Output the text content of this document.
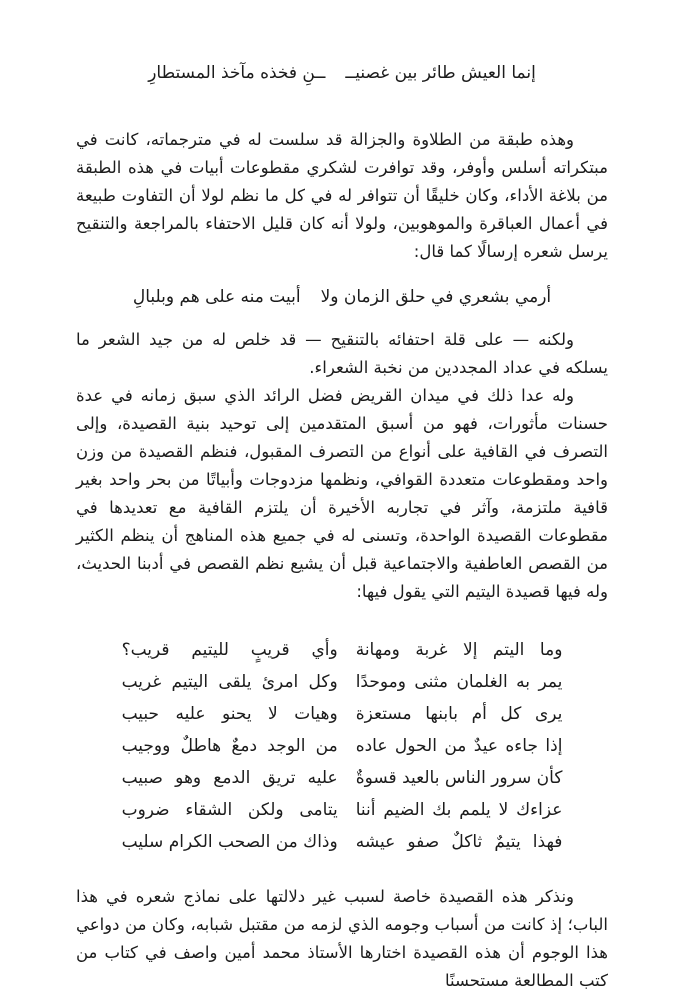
إنما العيش طائر بين غصنيــ	ــنِ فخذه مآخذ المستطارِ

وهذه طبقة من الطلاوة والجزالة قد سلست له في مترجماته، كانت في مبتكراته أسلس وأوفر، وقد توافرت لشكري مقطوعات أبيات في هذه الطبقة من بلاغة الأداء، وكان خليقًا أن تتوافر له في كل ما نظم لولا أن التفاوت طبيعة في أعمال العباقرة والموهوبين، ولولا أنه كان قليل الاحتفاء بالمراجعة والتنقيح يرسل شعره إرسالًا كما قال:

أرمي بشعري في حلق الزمان ولا	أبيت منه على هم وبلبالِ

ولكنه — على قلة احتفائه بالتنقيح — قد خلص له من جيد الشعر ما يسلكه في عداد المجددين من نخبة الشعراء.

وله عدا ذلك في ميدان القريض فضل الرائد الذي سبق زمانه في عدة حسنات مأثورات، فهو من أسبق المتقدمين إلى توحيد بنية القصيدة، وإلى التصرف في القافية على أنواع من التصرف المقبول، فنظم القصيدة من وزن واحد ومقطوعات متعددة القوافي، ونظمها مزدوجات وأبياتًا من بحر واحد بغير قافية ملتزمة، وآثر في تجاربه الأخيرة أن يلتزم القافية مع تعديدها في مقطوعات القصيدة الواحدة، وتسنى له في جميع هذه المناهج أن ينظم الكثير من القصص العاطفية والاجتماعية قبل أن يشيع نظم القصص في أدبنا الحديث، وله فيها قصيدة اليتيم التي يقول فيها:

وما اليتم إلا غربة ومهانة	وأي قريبٍ لليتيم قريب؟
يمر به الغلمان مثنى وموحدًا	وكل امرئ يلقى اليتيم غريب
يرى كل أم بابنها مستعزة	وهيات لا يحنو عليه حبيب
إذا جاءه عيدٌ من الحول عاده	من الوجد دمعٌ هاطلٌ ووجيب
كأن سرور الناس بالعيد قسوةٌ	عليه تريق الدمع وهو صبيب
عزاءك لا يلمم بك الضيم أننا	يتامى ولكن الشقاء ضروب
فهذا يتيمٌ ثاكلٌ صفو عيشه	وذاك من الصحب الكرام سليب

ونذكر هذه القصيدة خاصة لسبب غير دلالتها على نماذج شعره في هذا الباب؛ إذ كانت من أسباب وجومه الذي لزمه من مقتبل شبابه، وكان من دواعي هذا الوجوم أن هذه القصيدة اختارها الأستاذ محمد أمين واصف في كتاب من كتب المطالعة مستحسنًا
